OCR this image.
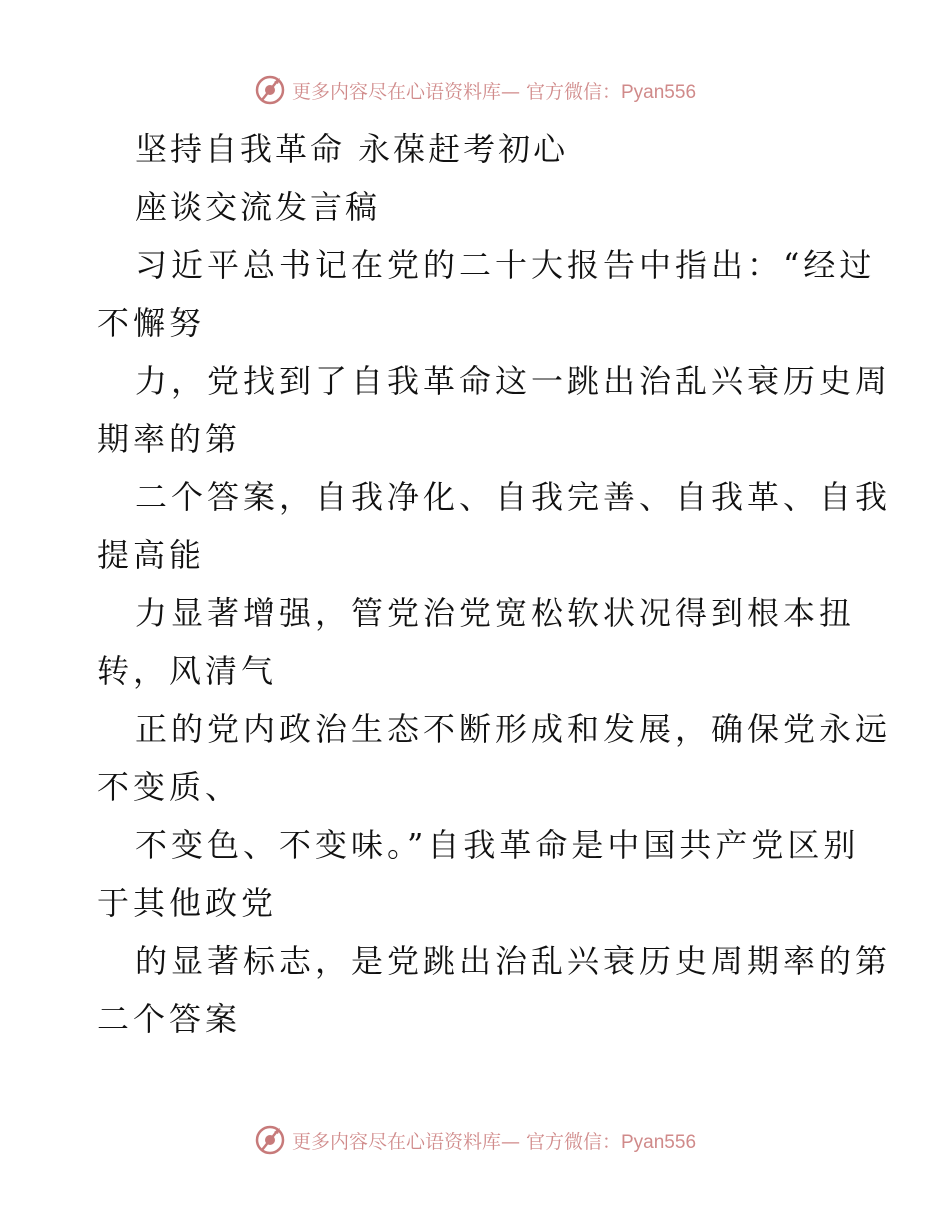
更多内容尽在心语资料库— 官方微信：Pyan556
坚持自我革命 永葆赶考初心
座谈交流发言稿
习近平总书记在党的二十大报告中指出：“经过
不懈努
力，党找到了自我革命这一跳出治乱兴衰历史周
期率的第
二个答案，自我净化、自我完善、自我革、自我
提高能
力显著增强，管党治党宽松软状况得到根本扭
转，风清气
正的党内政治生态不断形成和发展，确保党永远
不变质、
不变色、不变味。”自我革命是中国共产党区别
于其他政党
的显著标志，是党跳出治乱兴衰历史周期率的第
二个答案
更多内容尽在心语资料库— 官方微信：Pyan556
